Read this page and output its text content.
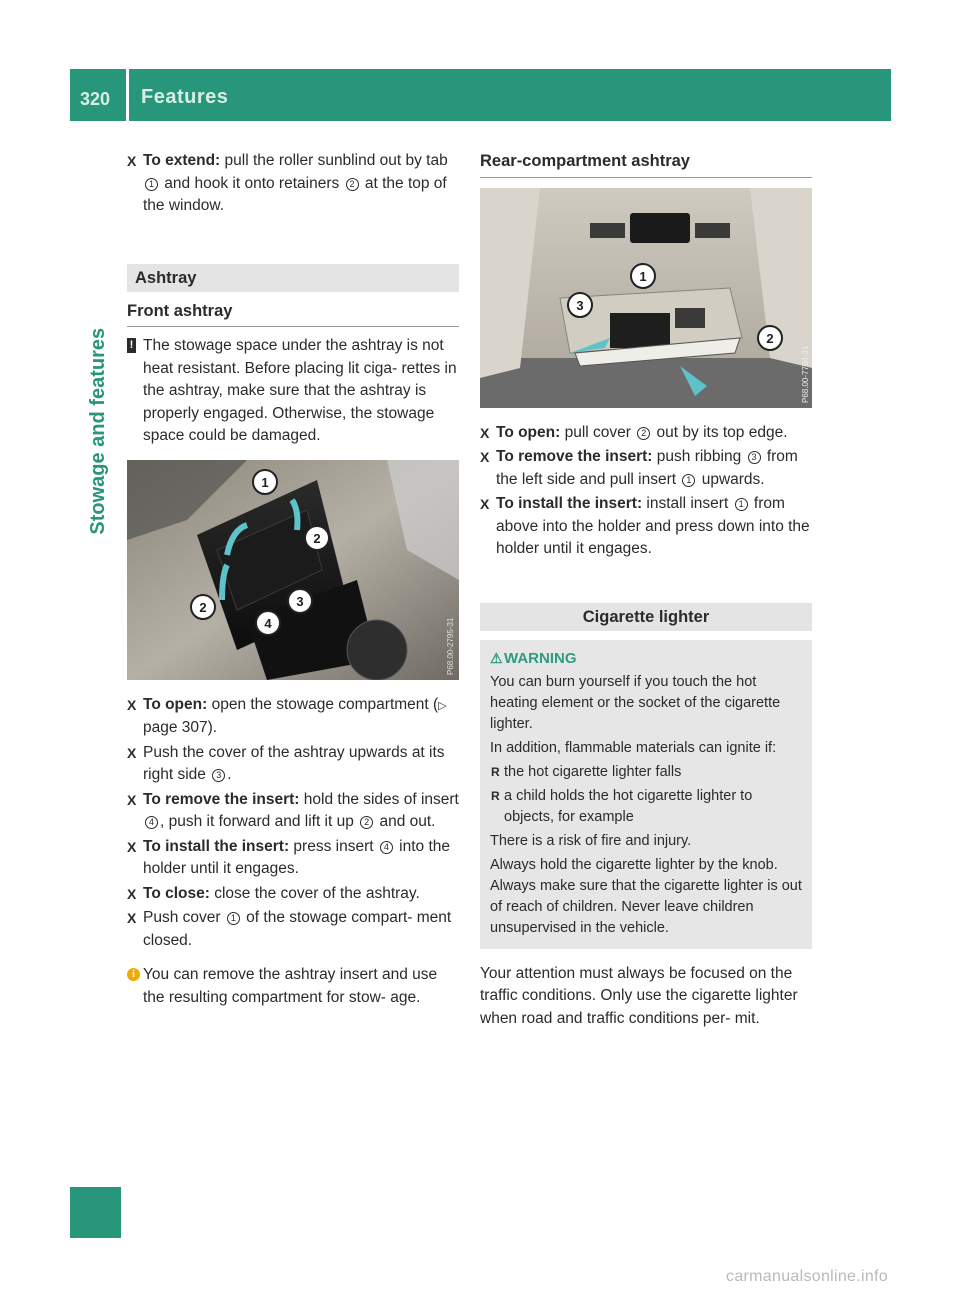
320	Features
Stowage and features
X To extend: pull the roller sunblind out by tab 1 and hook it onto retainers 2 at the top of the window.
Ashtray
Front ashtray
! The stowage space under the ashtray is not heat resistant. Before placing lit ciga- rettes in the ashtray, make sure that the ashtray is properly engaged. Otherwise, the stowage space could be damaged.
1
2
2	3
4	P68.00-2795-31
X To open: open the stowage compartment (▷ page 307).
X Push the cover of the ashtray upwards at its right side 3 .
X To remove the insert: hold the sides of insert 4 , push it forward and lift it up 2 and out.
X To install the insert: press insert 4 into the holder until it engages.
X To close: close the cover of the ashtray.
X Push cover 1 of the stowage compart- ment closed.
i You can remove the ashtray insert and use the resulting compartment for stow- age.
Rear-compartment ashtray
1
2
3
P68.00-7764-31
X To open: pull cover 2 out by its top edge.
X To remove the insert: push ribbing 3 from the left side and pull insert 1 upwards.
X To install the insert: install insert 1 from above into the holder and press down into the holder until it engages.
Cigarette lighter
⚠ WARNING

You can burn yourself if you touch the hot heating element or the socket of the cigarette lighter.

In addition, flammable materials can ignite if:

R the hot cigarette lighter falls
R a child holds the hot cigarette lighter to objects, for example

There is a risk of fire and injury.

Always hold the cigarette lighter by the knob. Always make sure that the cigarette lighter is out of reach of children. Never leave children unsupervised in the vehicle.

Your attention must always be focused on the traffic conditions. Only use the cigarette lighter when road and traffic conditions per- mit.
carmanualsonline.info
